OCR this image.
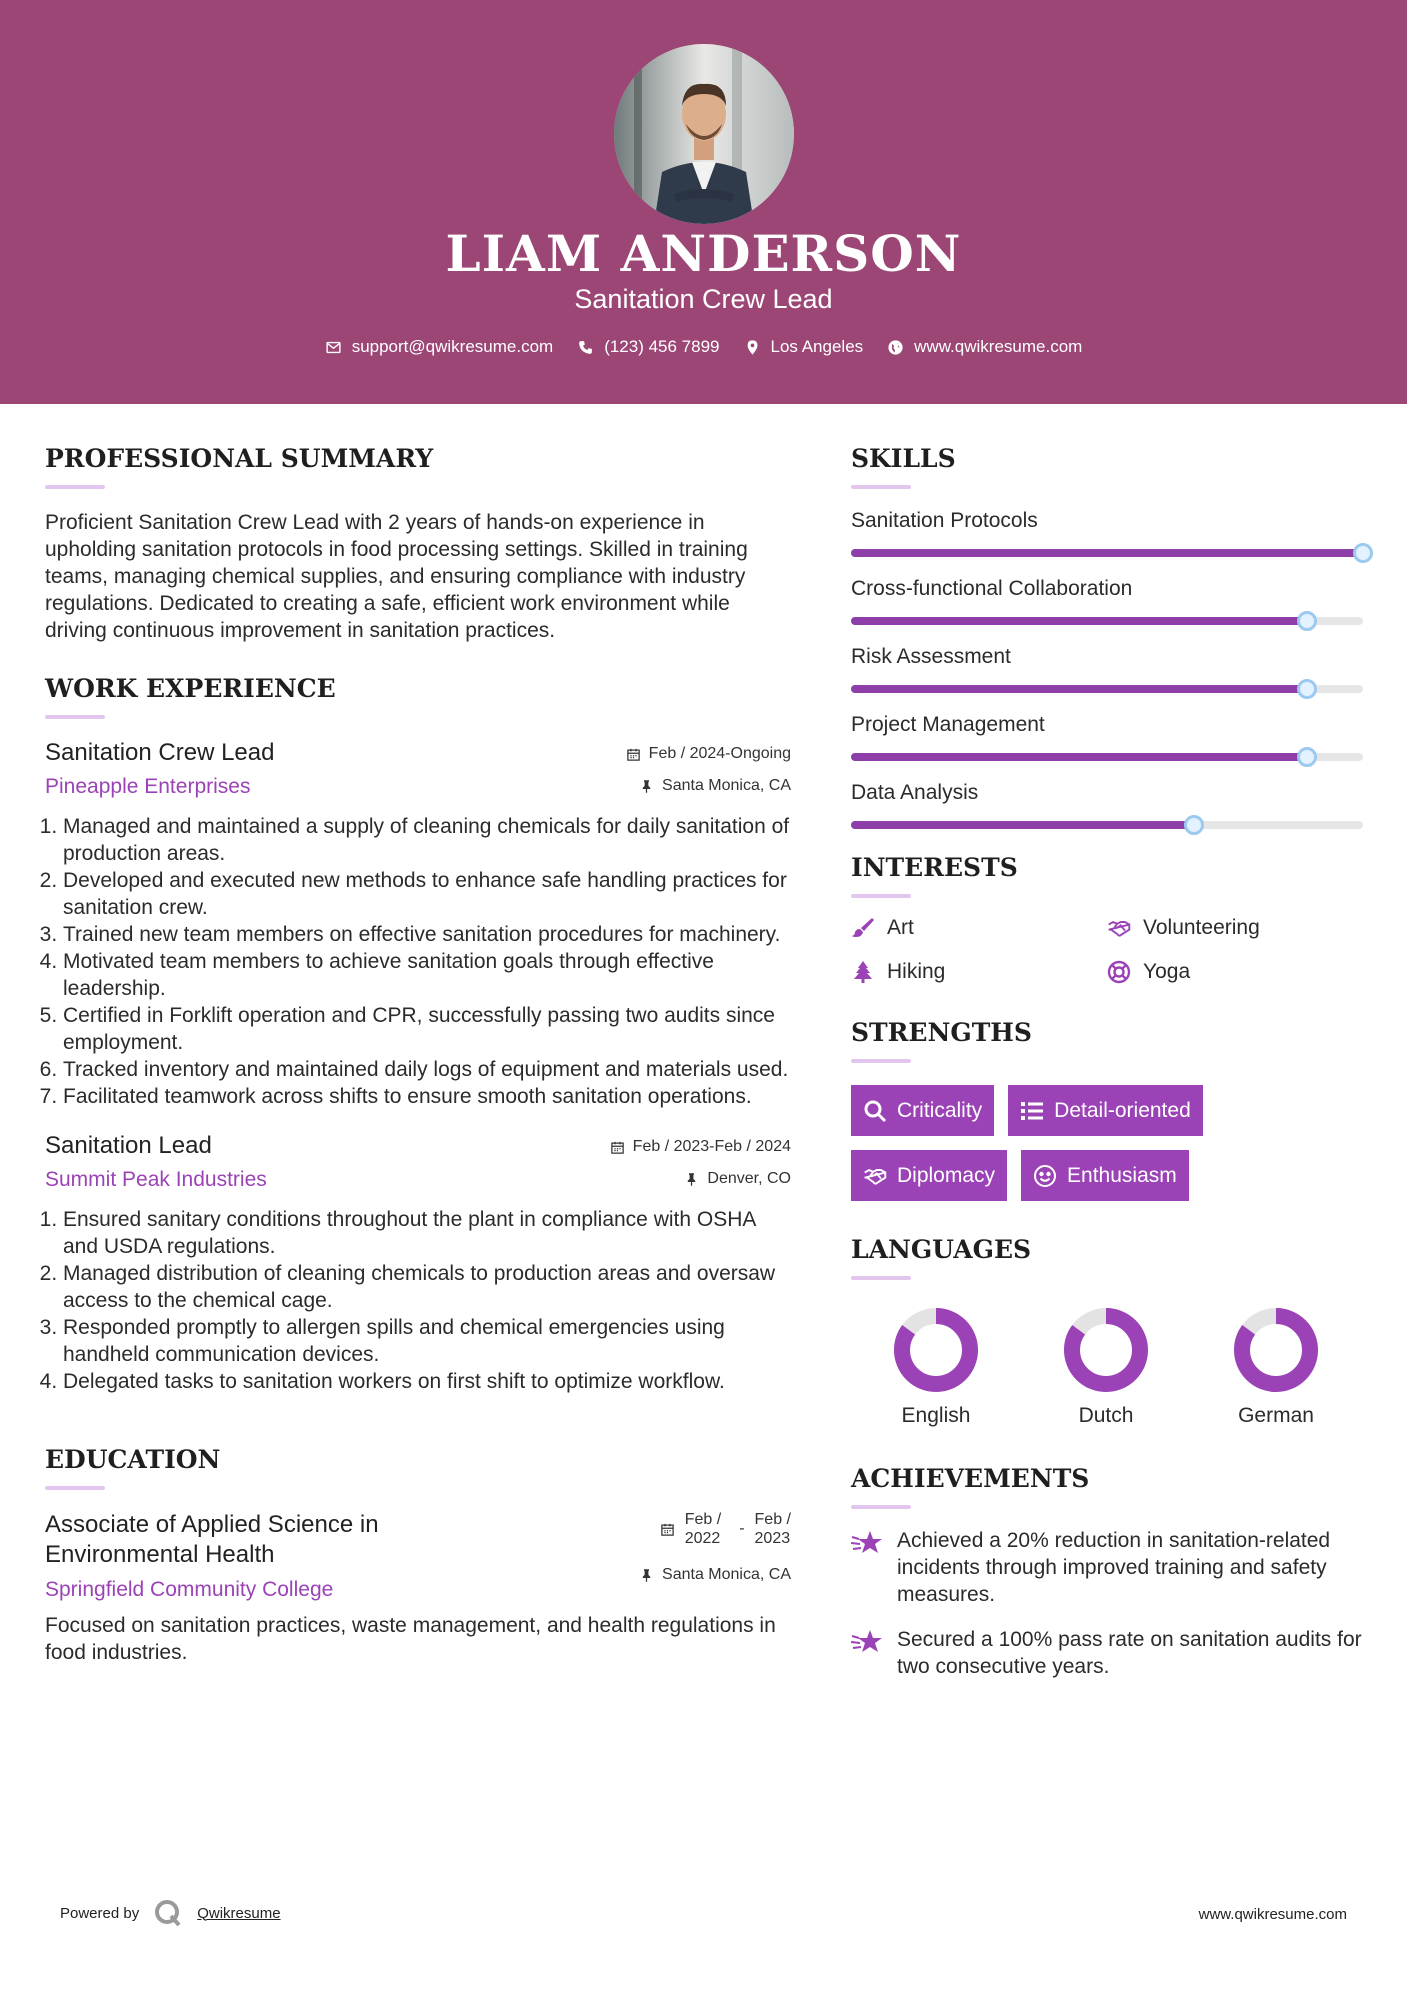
LIAM ANDERSON
Sanitation Crew Lead
support@qwikresume.com	(123) 456 7899	Los Angeles	www.qwikresume.com
PROFESSIONAL SUMMARY

Proficient Sanitation Crew Lead with 2 years of hands-on experience in upholding sanitation protocols in food processing settings. Skilled in training teams, managing chemical supplies, and ensuring compliance with industry regulations. Dedicated to creating a safe, efficient work environment while driving continuous improvement in sanitation practices.

WORK EXPERIENCE
Sanitation Crew Lead
Pineapple Enterprises
Feb / 2024-Ongoing
Santa Monica, CA
1. Managed and maintained a supply of cleaning chemicals for daily sanitation of production areas.
2. Developed and executed new methods to enhance safe handling practices for sanitation crew.
3. Trained new team members on effective sanitation procedures for machinery.
4. Motivated team members to achieve sanitation goals through effective leadership.
5. Certified in Forklift operation and CPR, successfully passing two audits since employment.
6. Tracked inventory and maintained daily logs of equipment and materials used.
7. Facilitated teamwork across shifts to ensure smooth sanitation operations.
Sanitation Lead
Summit Peak Industries
Feb / 2023-Feb / 2024
Denver, CO
1. Ensured sanitary conditions throughout the plant in compliance with OSHA and USDA regulations.
2. Managed distribution of cleaning chemicals to production areas and oversaw access to the chemical cage.
3. Responded promptly to allergen spills and chemical emergencies using handheld communication devices.
4. Delegated tasks to sanitation workers on first shift to optimize workflow.
EDUCATION
Associate of Applied Science in
Environmental Health
Springfield Community College
Feb /
2022
-
Feb /
2023
Santa Monica, CA

Focused on sanitation practices, waste management, and health regulations in food industries.

SKILLS
Sanitation Protocols
Cross-functional Collaboration
Risk Assessment
Project Management
Data Analysis
INTERESTS
Art	Volunteering
Hiking	Yoga
STRENGTHS
Criticality	Detail-oriented
Diplomacy	Enthusiasm
LANGUAGES
English	Dutch	German
ACHIEVEMENTS
Achieved a 20% reduction in sanitation-related incidents through improved training and safety measures.
Secured a 100% pass rate on sanitation audits for two consecutive years.
Powered by	Qwikresume	www.qwikresume.com
